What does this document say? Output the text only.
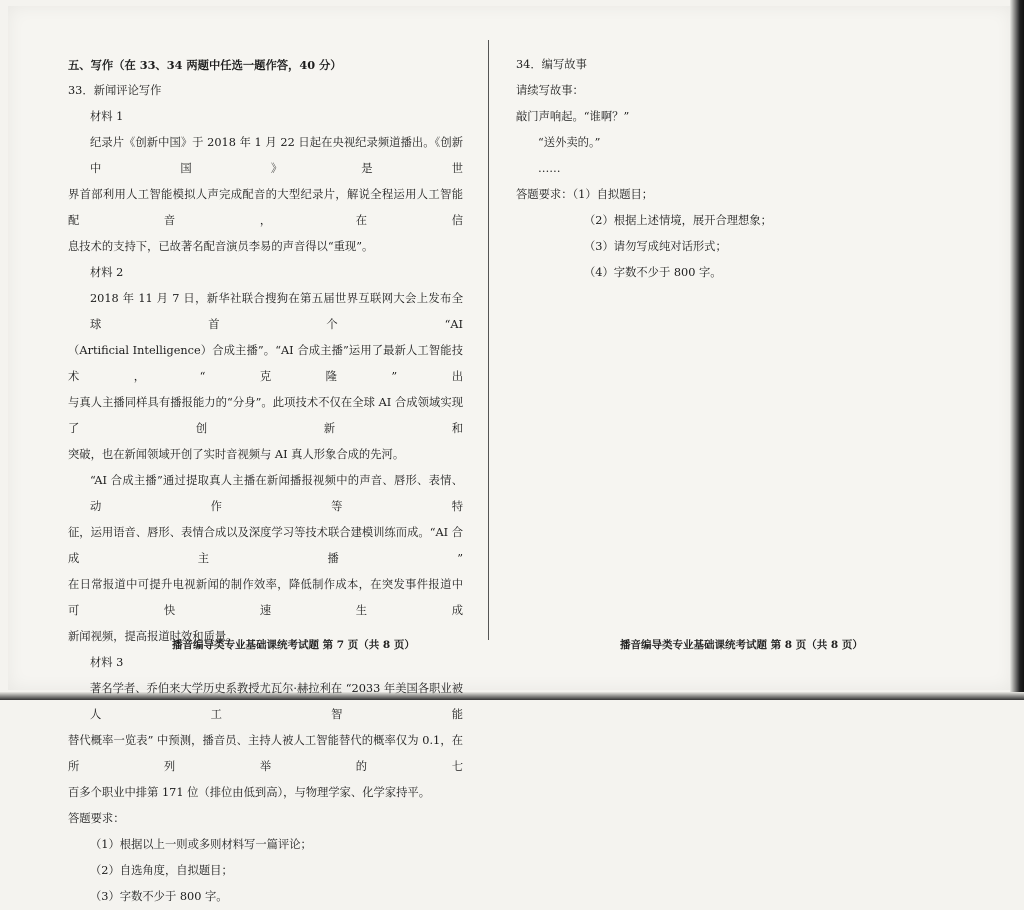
五、写作（在 33、34 两题中任选一题作答，40 分）

33．新闻评论写作

材料 1

纪录片《创新中国》于 2018 年 1 月 22 日起在央视纪录频道播出。《创新中国》是世

界首部利用人工智能模拟人声完成配音的大型纪录片，解说全程运用人工智能配音，在信

息技术的支持下，已故著名配音演员李易的声音得以“重现”。

材料 2

2018 年 11 月 7 日，新华社联合搜狗在第五届世界互联网大会上发布全球首个“AI

（Artificial Intelligence）合成主播”。“AI 合成主播”运用了最新人工智能技术，“克隆”出

与真人主播同样具有播报能力的“分身”。此项技术不仅在全球 AI 合成领域实现了创新和

突破，也在新闻领域开创了实时音视频与 AI 真人形象合成的先河。

“AI 合成主播”通过提取真人主播在新闻播报视频中的声音、唇形、表情、动作等特

征，运用语音、唇形、表情合成以及深度学习等技术联合建模训练而成。“AI 合成主播”

在日常报道中可提升电视新闻的制作效率，降低制作成本，在突发事件报道中可快速生成

新闻视频，提高报道时效和质量。

材料 3

著名学者、乔伯来大学历史系教授尤瓦尔·赫拉利在 “2033 年美国各职业被人工智能

替代概率一览表” 中预测，播音员、主持人被人工智能替代的概率仅为 0.1，在所列举的七

百多个职业中排第 171 位（排位由低到高），与物理学家、化学家持平。

答题要求：

（1）根据以上一则或多则材料写一篇评论；

（2）自选角度，自拟题目；

（3）字数不少于 800 字。

播音编导类专业基础课统考试题 第 7 页（共 8 页）

34．编写故事

请续写故事：

敲门声响起。“谁啊？”

“送外卖的。”

……

答题要求：（1）自拟题目；

（2）根据上述情境，展开合理想象；

（3）请勿写成纯对话形式；

（4）字数不少于 800 字。

播音编导类专业基础课统考试题 第 8 页（共 8 页）
